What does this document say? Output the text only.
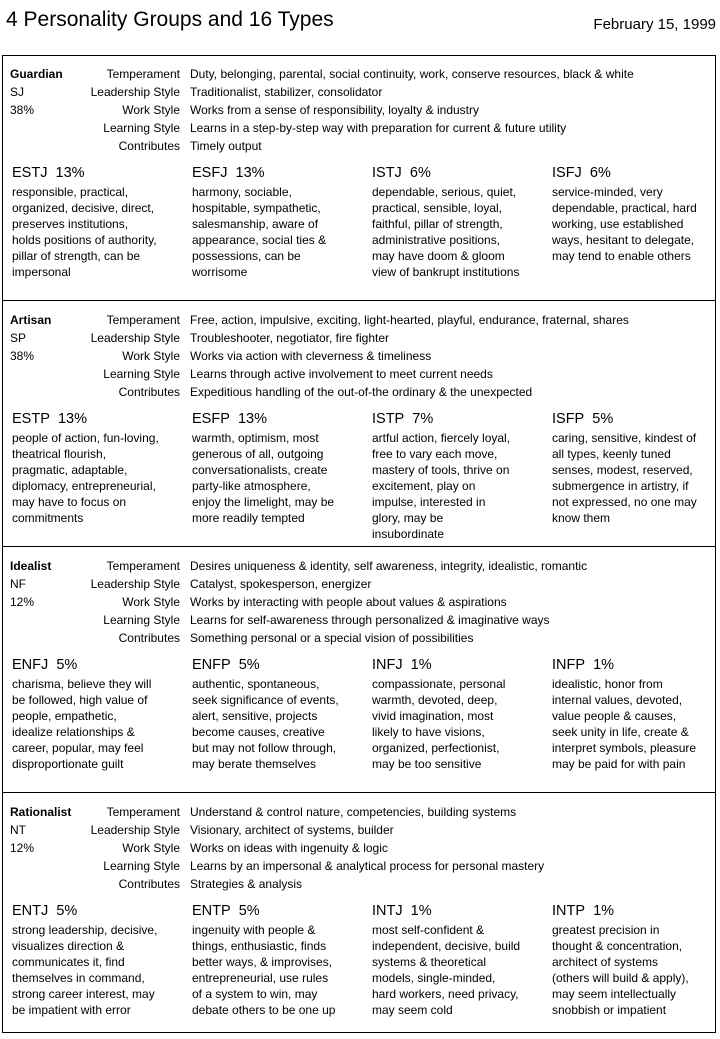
4 Personality Groups and 16 Types	February 15, 1999
Guardian
SJ
38%
Temperament Duty, belonging, parental, social continuity, work, conserve resources, black & white
Leadership Style Traditionalist, stabilizer, consolidator
Work Style Works from a sense of responsibility, loyalty & industry
Learning Style Learns in a step-by-step way with preparation for current & future utility
Contributes Timely output
ESTJ 13%
responsible, practical,
organized, decisive, direct,
preserves institutions,
holds positions of authority,
pillar of strength, can be
impersonal
ESFJ 13%
harmony, sociable,
hospitable, sympathetic,
salesmanship, aware of
appearance, social ties &
possessions, can be
worrisome
ISTJ 6%
dependable, serious, quiet,
practical, sensible, loyal,
faithful, pillar of strength,
administrative positions,
may have doom & gloom
view of bankrupt institutions
ISFJ 6%
service-minded, very
dependable, practical, hard
working, use established
ways, hesitant to delegate,
may tend to enable others
Artisan
SP
38%
Temperament Free, action, impulsive, exciting, light-hearted, playful, endurance, fraternal, shares
Leadership Style Troubleshooter, negotiator, fire fighter
Work Style Works via action with cleverness & timeliness
Learning Style Learns through active involvement to meet current needs
Contributes Expeditious handling of the out-of-the ordinary & the unexpected
ESTP 13%
people of action, fun-loving,
theatrical flourish,
pragmatic, adaptable,
diplomacy, entrepreneurial,
may have to focus on
commitments
ESFP 13%
warmth, optimism, most
generous of all, outgoing
conversationalists, create
party-like atmosphere,
enjoy the limelight, may be
more readily tempted
ISTP 7%
artful action, fiercely loyal,
free to vary each move,
mastery of tools, thrive on
excitement, play on
impulse, interested in
glory, may be
insubordinate
ISFP 5%
caring, sensitive, kindest of
all types, keenly tuned
senses, modest, reserved,
submergence in artistry, if
not expressed, no one may
know them
Idealist
NF
12%
Temperament Desires uniqueness & identity, self awareness, integrity, idealistic, romantic
Leadership Style Catalyst, spokesperson, energizer
Work Style Works by interacting with people about values & aspirations
Learning Style Learns for self-awareness through personalized & imaginative ways
Contributes Something personal or a special vision of possibilities
ENFJ 5%
charisma, believe they will
be followed, high value of
people, empathetic,
idealize relationships &
career, popular, may feel
disproportionate guilt
ENFP 5%
authentic, spontaneous,
seek significance of events,
alert, sensitive, projects
become causes, creative
but may not follow through,
may berate themselves
INFJ 1%
compassionate, personal
warmth, devoted, deep,
vivid imagination, most
likely to have visions,
organized, perfectionist,
may be too sensitive
INFP 1%
idealistic, honor from
internal values, devoted,
value people & causes,
seek unity in life, create &
interpret symbols, pleasure
may be paid for with pain
Rationalist
NT
12%
Temperament Understand & control nature, competencies, building systems
Leadership Style Visionary, architect of systems, builder
Work Style Works on ideas with ingenuity & logic
Learning Style Learns by an impersonal & analytical process for personal mastery
Contributes Strategies & analysis
ENTJ 5%
strong leadership, decisive,
visualizes direction &
communicates it, find
themselves in command,
strong career interest, may
be impatient with error
ENTP 5%
ingenuity with people &
things, enthusiastic, finds
better ways, & improvises,
entrepreneurial, use rules
of a system to win, may
debate others to be one up
INTJ 1%
most self-confident &
independent, decisive, build
systems & theoretical
models, single-minded,
hard workers, need privacy,
may seem cold
INTP 1%
greatest precision in
thought & concentration,
architect of systems
(others will build & apply),
may seem intellectually
snobbish or impatient
